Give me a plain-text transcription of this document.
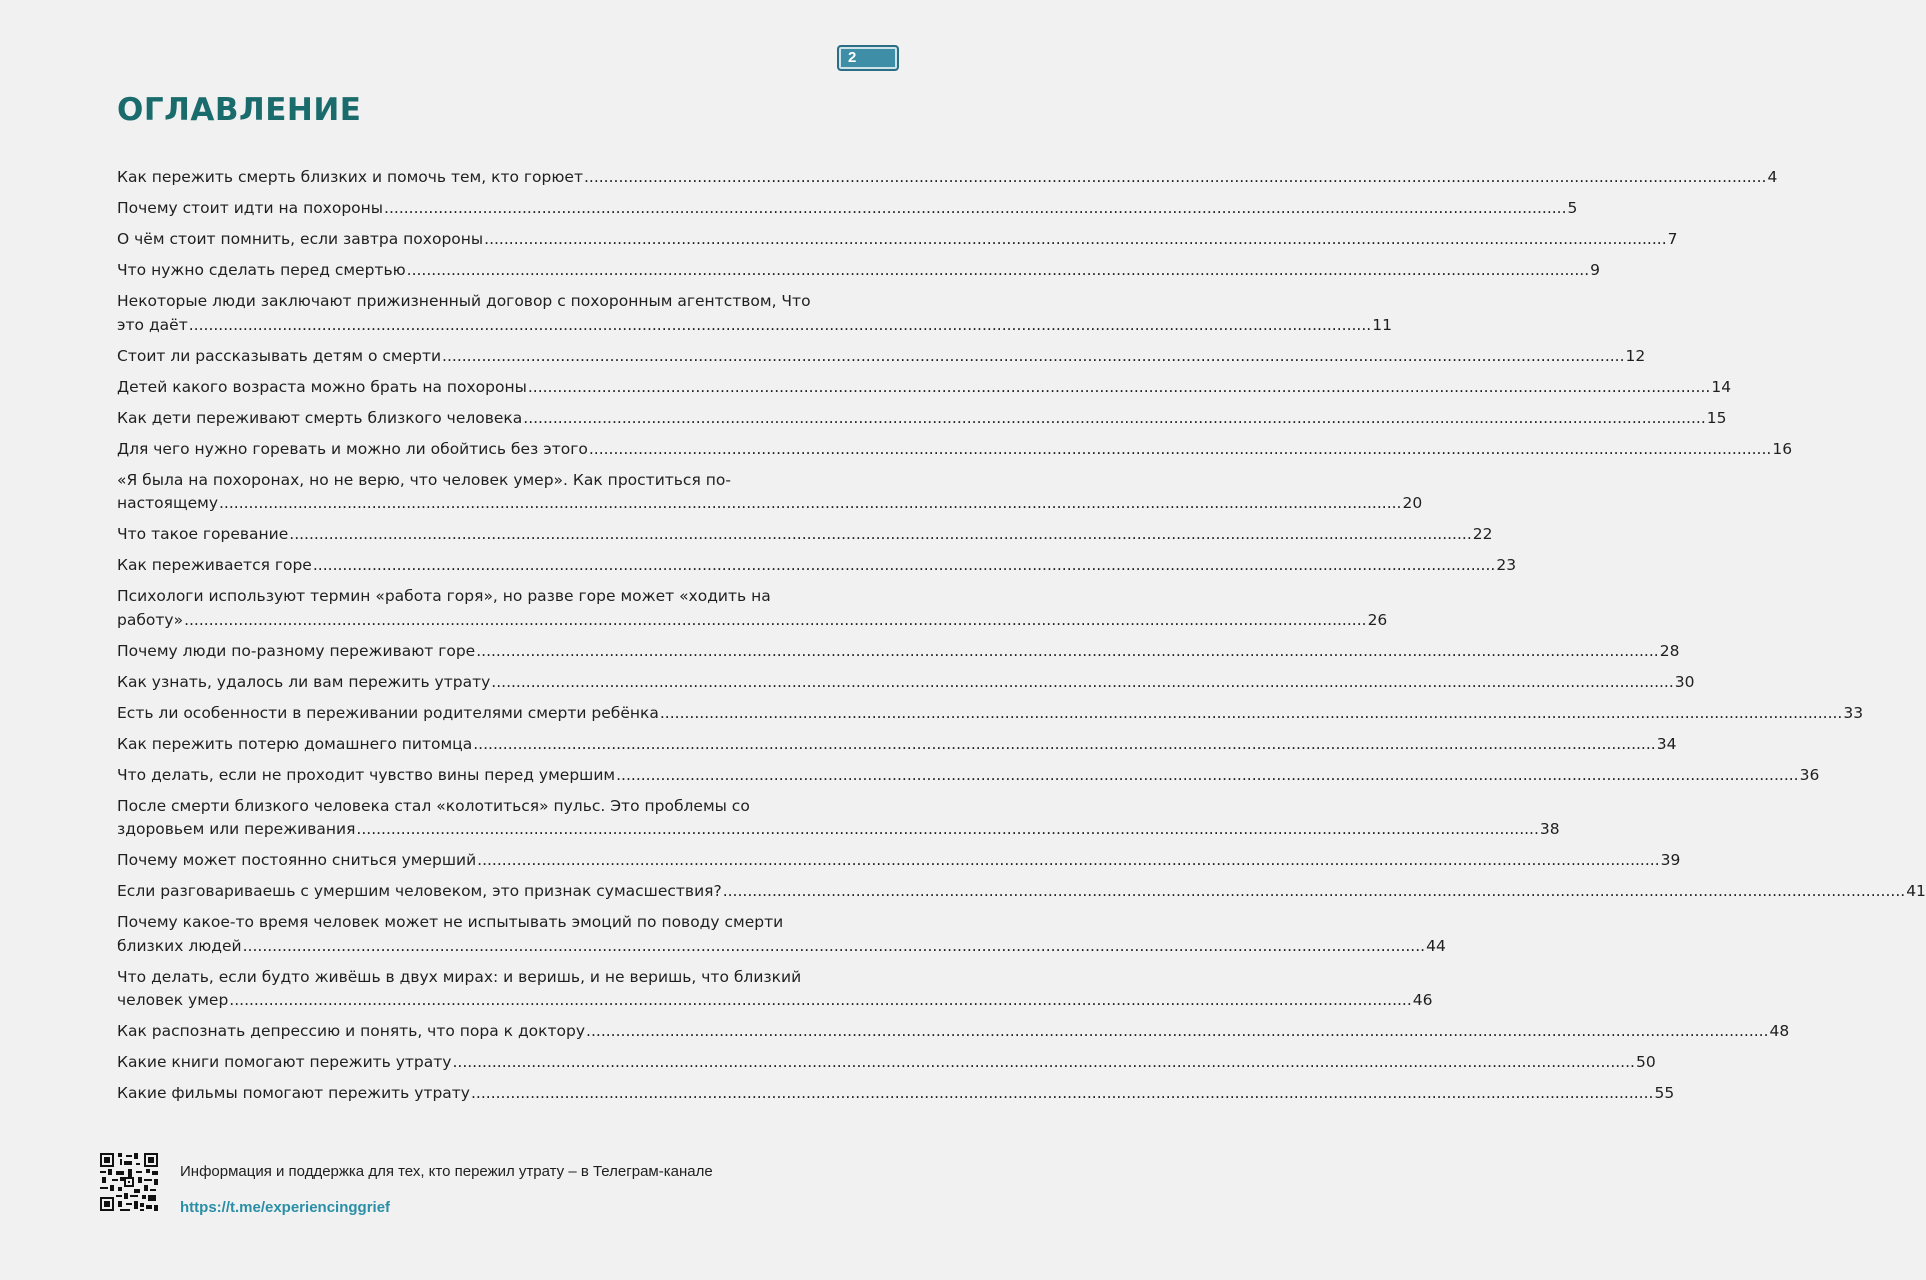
2
ОГЛАВЛЕНИЕ
Как пережить смерть близких и помочь тем, кто горюет .....	4
Почему стоит идти на похороны .....	5
О чём стоит помнить, если завтра похороны .....	7
Что нужно сделать перед смертью .....	9
Некоторые люди заключают прижизненный договор с похоронным агентством, Что
это даёт .....	11
Стоит ли рассказывать детям о смерти .....	12
Детей какого возраста можно брать на похороны .....	14
Как дети переживают смерть близкого человека .....	15
Для чего нужно горевать и можно ли обойтись без этого .....	16
«Я была на похоронах, но не верю, что человек умер». Как проститься по-
настоящему .....	20
Что такое горевание .....	22
Как переживается горе .....	23
Психологи используют термин «работа горя», но разве горе может «ходить на
работу» .....	26
Почему люди по-разному переживают горе .....	28
Как узнать, удалось ли вам пережить утрату .....	30
Есть ли особенности в переживании родителями смерти ребёнка .....	33
Как пережить потерю домашнего питомца .....	34
Что делать, если не проходит чувство вины перед умершим .....	36
После смерти близкого человека стал «колотиться» пульс. Это проблемы со
здоровьем или переживания .....	38
Почему может постоянно сниться умерший .....	39
Если разговариваешь с умершим человеком, это признак сумасшествия? .....	41
Почему какое-то время человек может не испытывать эмоций по поводу смерти
близких людей .....	44
Что делать, если будто живёшь в двух мирах: и веришь, и не веришь, что близкий
человек умер .....	46
Как распознать депрессию и понять, что пора к доктору .....	48
Какие книги помогают пережить утрату .....	50
Какие фильмы помогают пережить утрату .....	55
Информация и поддержка для тех, кто пережил утрату – в Телеграм-канале
https://t.me/experiencinggrief
